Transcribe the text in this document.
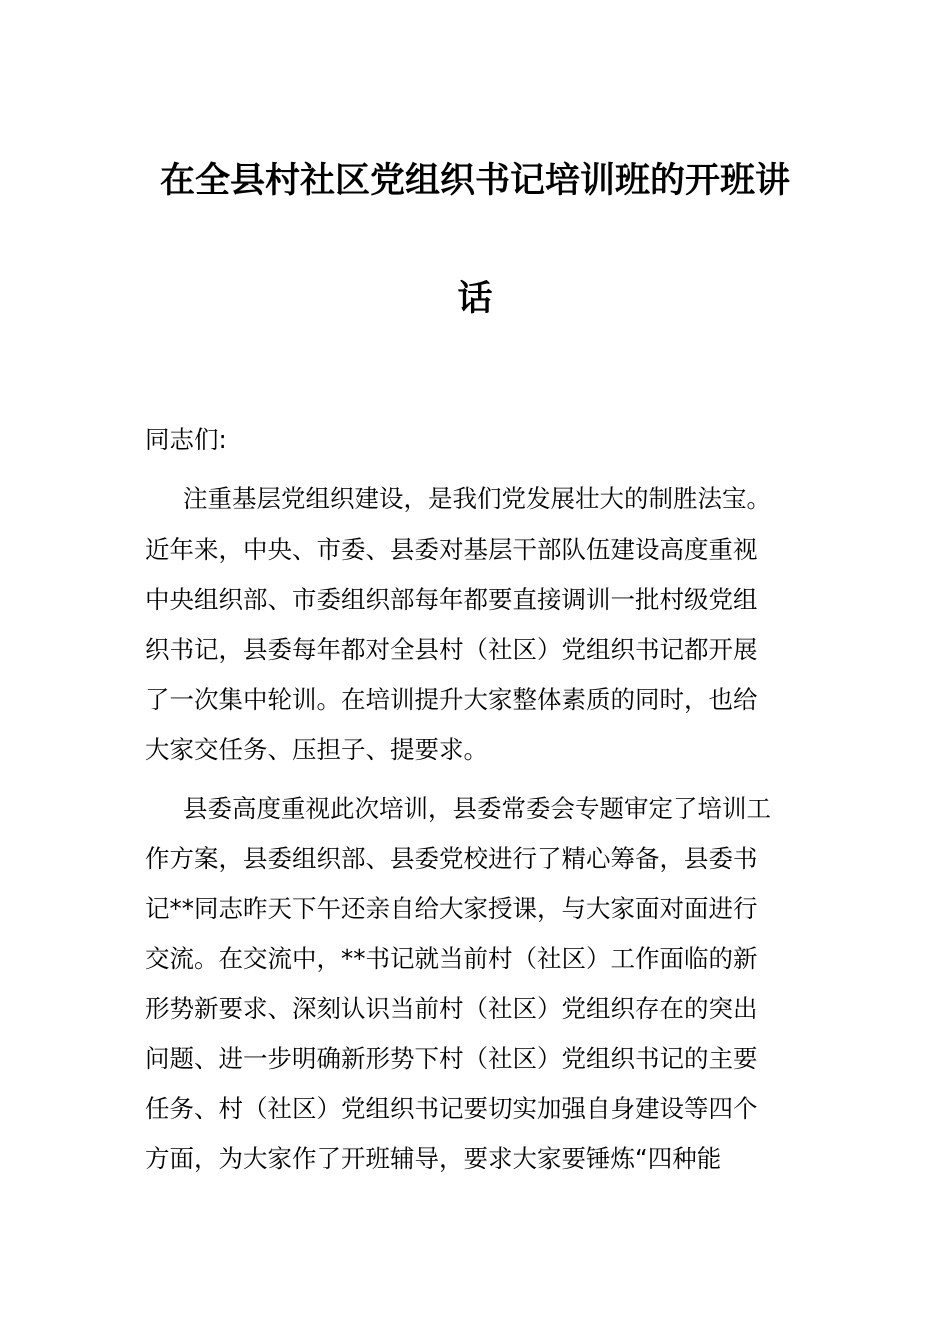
在全县村社区党组织书记培训班的开班讲
话
同志们:
注重基层党组织建设，是我们党发展壮大的制胜法宝。
近年来，中央、市委、县委对基层干部队伍建设高度重视
中央组织部、市委组织部每年都要直接调训一批村级党组
织书记，县委每年都对全县村（社区）党组织书记都开展
了一次集中轮训。在培训提升大家整体素质的同时，也给
大家交任务、压担子、提要求。
县委高度重视此次培训，县委常委会专题审定了培训工
作方案，县委组织部、县委党校进行了精心筹备，县委书
记**同志昨天下午还亲自给大家授课，与大家面对面进行
交流。在交流中，**书记就当前村（社区）工作面临的新
形势新要求、深刻认识当前村（社区）党组织存在的突出
问题、进一步明确新形势下村（社区）党组织书记的主要
任务、村（社区）党组织书记要切实加强自身建设等四个
方面，为大家作了开班辅导，要求大家要锤炼“四种能
